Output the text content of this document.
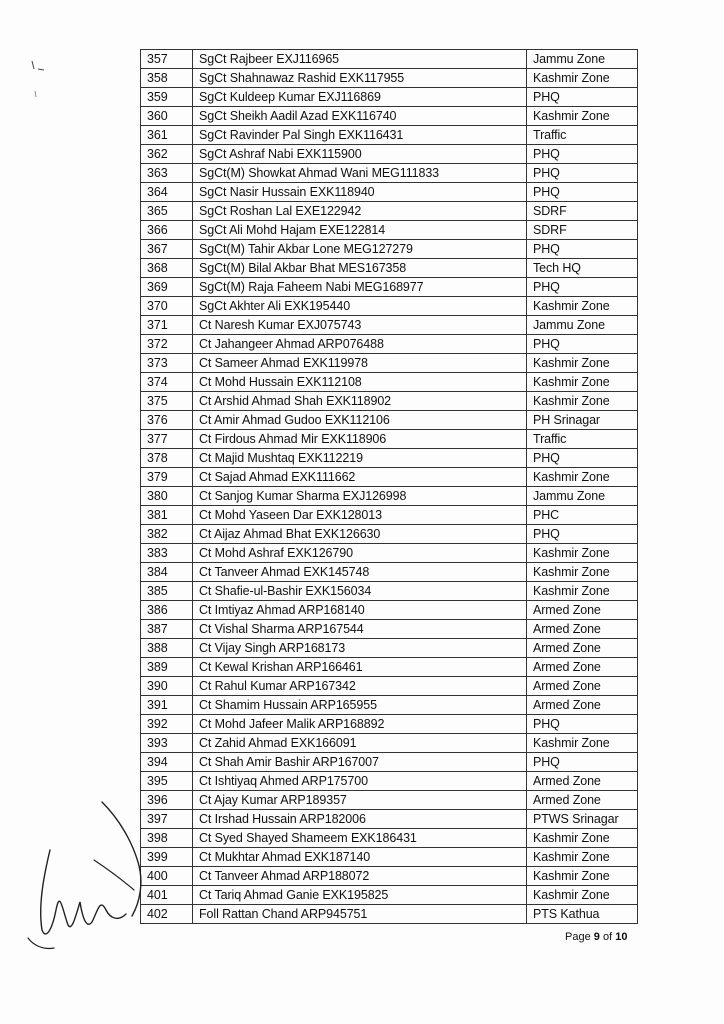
357	SgCt Rajbeer EXJ116965	Jammu Zone
358	SgCt Shahnawaz Rashid EXK117955	Kashmir Zone
359	SgCt Kuldeep Kumar EXJ116869	PHQ
360	SgCt Sheikh Aadil Azad EXK116740	Kashmir Zone
361	SgCt Ravinder Pal Singh EXK116431	Traffic
362	SgCt Ashraf Nabi EXK115900	PHQ
363	SgCt(M) Showkat Ahmad Wani MEG111833	PHQ
364	SgCt Nasir Hussain EXK118940	PHQ
365	SgCt Roshan Lal EXE122942	SDRF
366	SgCt Ali Mohd Hajam EXE122814	SDRF
367	SgCt(M) Tahir Akbar Lone MEG127279	PHQ
368	SgCt(M) Bilal Akbar Bhat MES167358	Tech HQ
369	SgCt(M) Raja Faheem Nabi MEG168977	PHQ
370	SgCt Akhter Ali EXK195440	Kashmir Zone
371	Ct Naresh Kumar EXJ075743	Jammu Zone
372	Ct Jahangeer Ahmad ARP076488	PHQ
373	Ct Sameer Ahmad EXK119978	Kashmir Zone
374	Ct Mohd Hussain EXK112108	Kashmir Zone
375	Ct Arshid Ahmad Shah EXK118902	Kashmir Zone
376	Ct Amir Ahmad Gudoo EXK112106	PH Srinagar
377	Ct Firdous Ahmad Mir EXK118906	Traffic
378	Ct Majid Mushtaq EXK112219	PHQ
379	Ct Sajad Ahmad EXK111662	Kashmir Zone
380	Ct Sanjog Kumar Sharma EXJ126998	Jammu Zone
381	Ct Mohd Yaseen Dar EXK128013	PHC
382	Ct Aijaz Ahmad Bhat EXK126630	PHQ
383	Ct Mohd Ashraf EXK126790	Kashmir Zone
384	Ct Tanveer Ahmad EXK145748	Kashmir Zone
385	Ct Shafie-ul-Bashir EXK156034	Kashmir Zone
386	Ct Imtiyaz Ahmad ARP168140	Armed Zone
387	Ct Vishal Sharma ARP167544	Armed Zone
388	Ct Vijay Singh ARP168173	Armed Zone
389	Ct Kewal Krishan ARP166461	Armed Zone
390	Ct Rahul Kumar ARP167342	Armed Zone
391	Ct Shamim Hussain ARP165955	Armed Zone
392	Ct Mohd Jafeer Malik ARP168892	PHQ
393	Ct Zahid Ahmad EXK166091	Kashmir Zone
394	Ct Shah Amir Bashir ARP167007	PHQ
395	Ct Ishtiyaq Ahmed ARP175700	Armed Zone
396	Ct Ajay Kumar ARP189357	Armed Zone
397	Ct Irshad Hussain ARP182006	PTWS Srinagar
398	Ct Syed Shayed Shameem EXK186431	Kashmir Zone
399	Ct Mukhtar Ahmad EXK187140	Kashmir Zone
400	Ct Tanveer Ahmad ARP188072	Kashmir Zone
401	Ct Tariq Ahmad Ganie EXK195825	Kashmir Zone
402	Foll Rattan Chand ARP945751	PTS Kathua
Page 9 of 10
